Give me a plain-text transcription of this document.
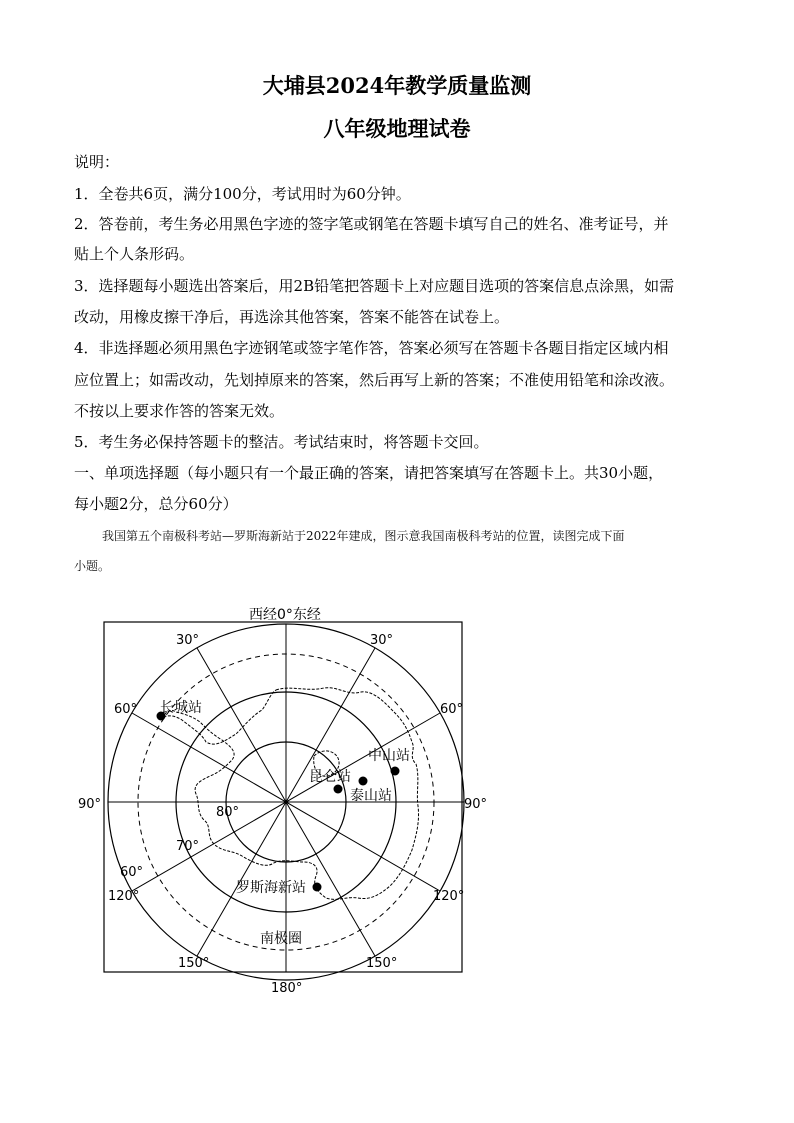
大埔县2024年教学质量监测
八年级地理试卷
说明：
1．全卷共6页，满分100分，考试用时为60分钟。
2．答卷前，考生务必用黑色字迹的签字笔或钢笔在答题卡填写自己的姓名、准考证号，并
贴上个人条形码。
3．选择题每小题选出答案后，用2B铅笔把答题卡上对应题目选项的答案信息点涂黑，如需
改动，用橡皮擦干净后，再选涂其他答案，答案不能答在试卷上。
4．非选择题必须用黑色字迹钢笔或签字笔作答，答案必须写在答题卡各题目指定区域内相
应位置上；如需改动，先划掉原来的答案，然后再写上新的答案；不准使用铅笔和涂改液。
不按以上要求作答的答案无效。
5．考生务必保持答题卡的整洁。考试结束时，将答题卡交回。
一、单项选择题（每小题只有一个最正确的答案，请把答案填写在答题卡上。共30小题，
每小题2分，总分60分）
我国第五个南极科考站—罗斯海新站于2022年建成，图示意我国南极科考站的位置，读图完成下面
小题。
西经0°东经
30°	30°
60°	60°
90°	90°
120°	120°
150°	150°
180°
80°
70°
60°
南极圈
长城站
中山站
昆仑站
泰山站
罗斯海新站
